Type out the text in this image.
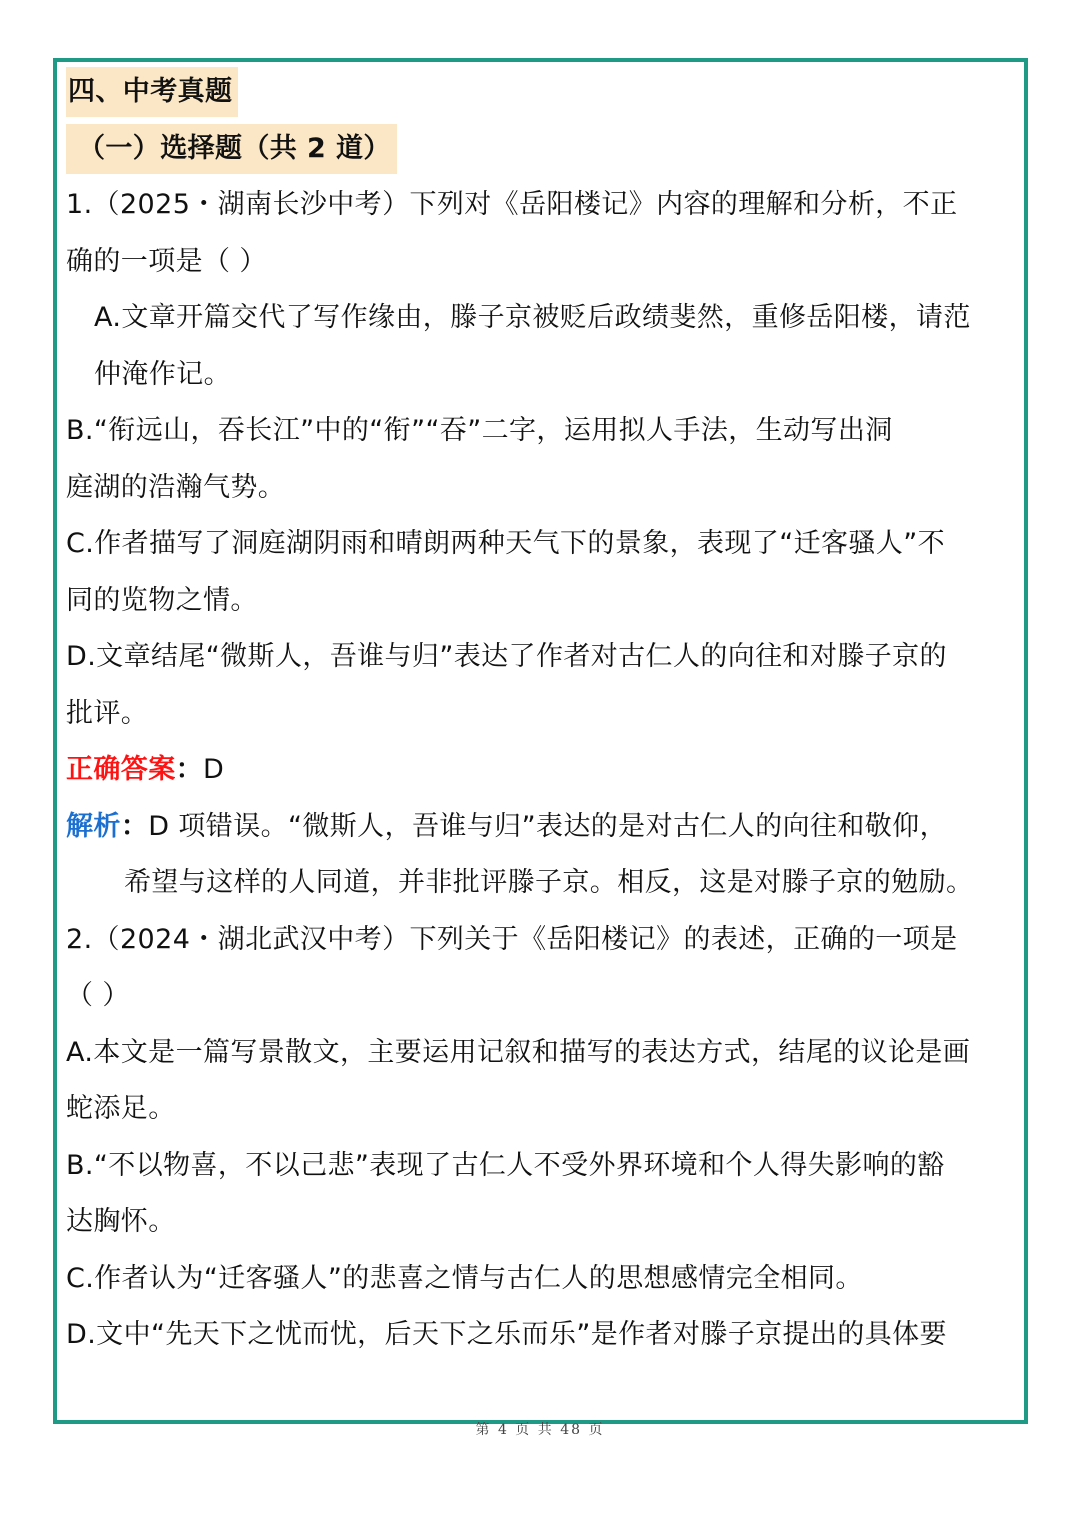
四、中考真题
（一）选择题（共 2 道）
1.（2025・湖南长沙中考）下列对《岳阳楼记》内容的理解和分析，不正
确的一项是（ ）
A.文章开篇交代了写作缘由，滕子京被贬后政绩斐然，重修岳阳楼，请范
仲淹作记。
B.“衔远山，吞长江”中的“衔”“吞”二字，运用拟人手法，生动写出洞
庭湖的浩瀚气势。
C.作者描写了洞庭湖阴雨和晴朗两种天气下的景象，表现了“迁客骚人”不
同的览物之情。
D.文章结尾“微斯人，吾谁与归”表达了作者对古仁人的向往和对滕子京的
批评。
正确答案：D
解析：D 项错误。“微斯人，吾谁与归”表达的是对古仁人的向往和敬仰，
希望与这样的人同道，并非批评滕子京。相反，这是对滕子京的勉励。
2.（2024・湖北武汉中考）下列关于《岳阳楼记》的表述，正确的一项是
（ ）
A.本文是一篇写景散文，主要运用记叙和描写的表达方式，结尾的议论是画
蛇添足。
B.“不以物喜，不以己悲”表现了古仁人不受外界环境和个人得失影响的豁
达胸怀。
C.作者认为“迁客骚人”的悲喜之情与古仁人的思想感情完全相同。
D.文中“先天下之忧而忧，后天下之乐而乐”是作者对滕子京提出的具体要
第 4 页 共 48 页
